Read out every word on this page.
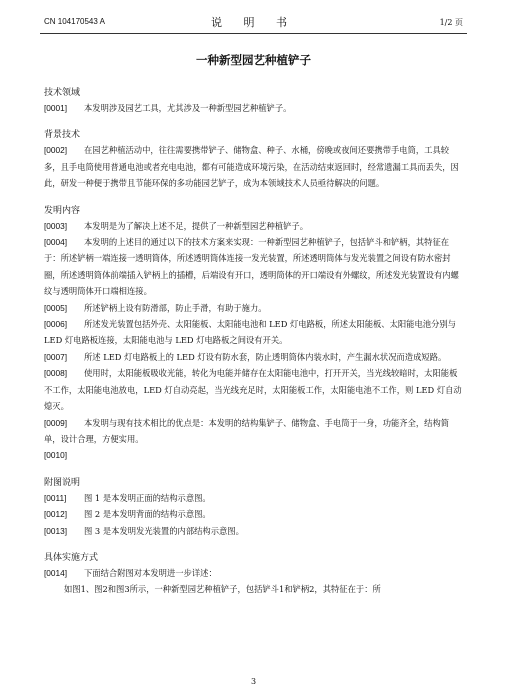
CN 104170543 A	说 明 书	1/2 页
一种新型园艺种植铲子
技术领域
[0001] 本发明涉及园艺工具，尤其涉及一种新型园艺种植铲子。
背景技术
[0002] 在园艺种植活动中，往往需要携带铲子、储物盒、种子、水桶，傍晚或夜间还要携带手电筒，工具较多，且手电筒使用普通电池或者充电电池，都有可能造成环境污染，在活动结束返回时，经常遗漏工具而丢失，因此，研发一种便于携带且节能环保的多功能园艺铲子，成为本领域技术人员亟待解决的问题。
发明内容
[0003] 本发明是为了解决上述不足，提供了一种新型园艺种植铲子。
[0004] 本发明的上述目的通过以下的技术方案来实现：一种新型园艺种植铲子，包括铲斗和铲柄，其特征在于：所述铲柄一端连接一透明筒体，所述透明筒体连接一发光装置，所述透明筒体与发光装置之间设有防水密封圈，所述透明筒体前端插入铲柄上的插槽，后端设有开口，透明筒体的开口端设有外螺纹，所述发光装置设有内螺纹与透明筒体开口端相连接。
[0005] 所述铲柄上设有防滑部，防止手滑，有助于施力。
[0006] 所述发光装置包括外壳、太阳能板、太阳能电池和 LED 灯电路板，所述太阳能板、太阳能电池分别与 LED 灯电路板连接，太阳能电池与 LED 灯电路板之间设有开关。
[0007] 所述 LED 灯电路板上的 LED 灯设有防水套，防止透明筒体内装水时，产生漏水状况而造成短路。
[0008] 使用时，太阳能板吸收光能，转化为电能并储存在太阳能电池中，打开开关，当光线较暗时，太阳能板不工作，太阳能电池放电，LED 灯自动亮起，当光线充足时，太阳能板工作，太阳能电池不工作，则 LED 灯自动熄灭。
[0009] 本发明与现有技术相比的优点是：本发明的结构集铲子、储物盒、手电筒于一身，功能齐全，结构简单，设计合理，方便实用。
[0010]
附图说明
[0011] 图 1 是本发明正面的结构示意图。
[0012] 图 2 是本发明背面的结构示意图。
[0013] 图 3 是本发明发光装置的内部结构示意图。
具体实施方式
[0014] 下面结合附图对本发明进一步详述：
如图1、图2和图3所示，一种新型园艺种植铲子，包括铲斗1和铲柄2，其特征在于：所
3
